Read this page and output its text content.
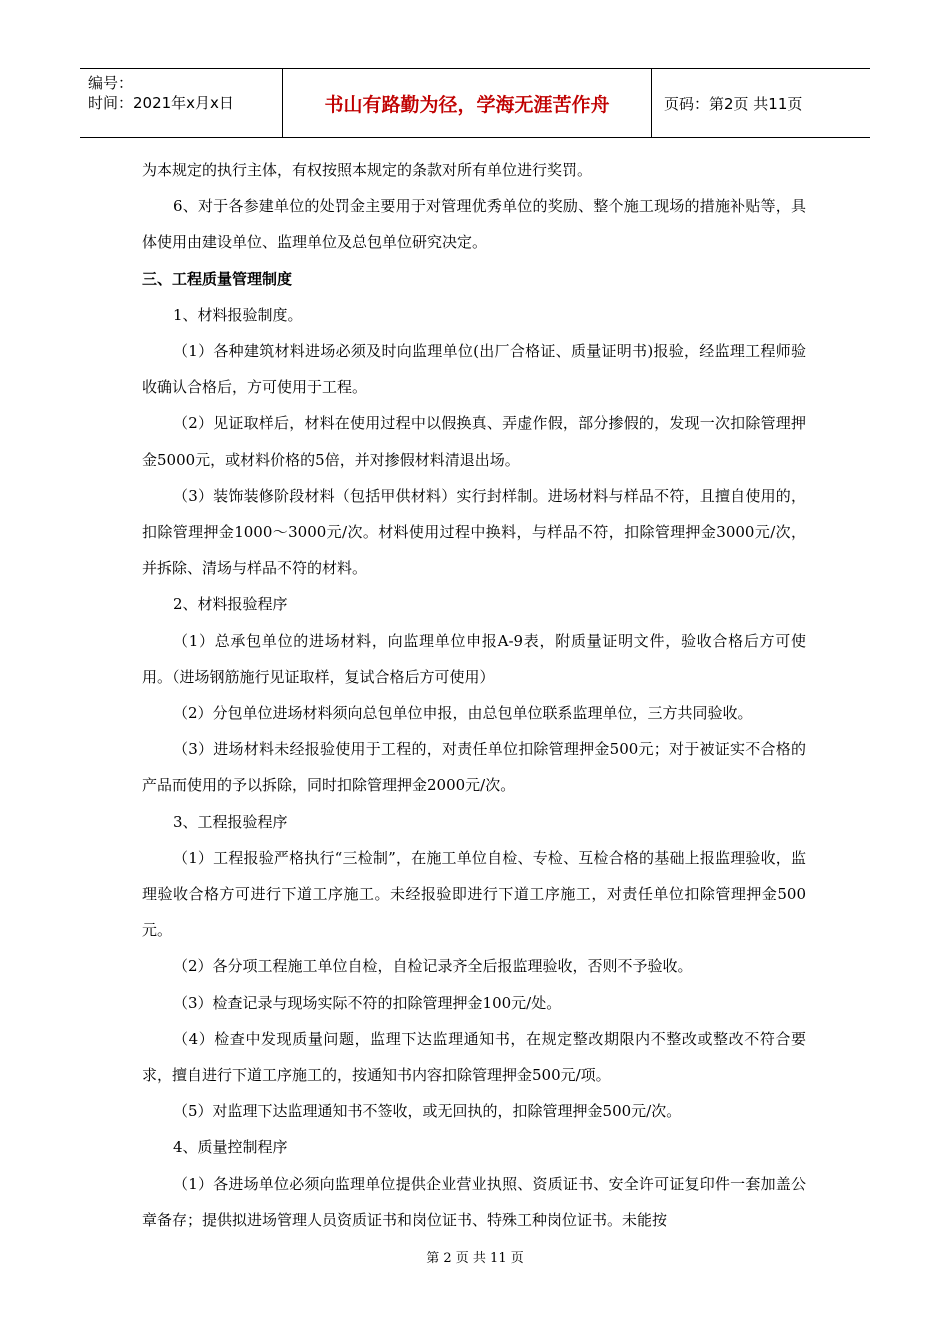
编号：
时间：2021年x月x日	书山有路勤为径，学海无涯苦作舟	页码：第2页 共11页

为本规定的执行主体，有权按照本规定的条款对所有单位进行奖罚。

6、对于各参建单位的处罚金主要用于对管理优秀单位的奖励、整个施工现场的措施补贴等，具体使用由建设单位、监理单位及总包单位研究决定。

三、工程质量管理制度

1、材料报验制度。

（1）各种建筑材料进场必须及时向监理单位(出厂合格证、质量证明书)报验，经监理工程师验收确认合格后，方可使用于工程。

（2）见证取样后，材料在使用过程中以假换真、弄虚作假，部分掺假的，发现一次扣除管理押金5000元，或材料价格的5倍，并对掺假材料清退出场。

（3）装饰装修阶段材料（包括甲供材料）实行封样制。进场材料与样品不符，且擅自使用的，扣除管理押金1000～3000元/次。材料使用过程中换料，与样品不符，扣除管理押金3000元/次，并拆除、清场与样品不符的材料。

2、材料报验程序

（1）总承包单位的进场材料，向监理单位申报A-9表，附质量证明文件，验收合格后方可使用。（进场钢筋施行见证取样，复试合格后方可使用）

（2）分包单位进场材料须向总包单位申报，由总包单位联系监理单位，三方共同验收。

（3）进场材料未经报验使用于工程的，对责任单位扣除管理押金500元；对于被证实不合格的产品而使用的予以拆除，同时扣除管理押金2000元/次。

3、工程报验程序

（1）工程报验严格执行“三检制”，在施工单位自检、专检、互检合格的基础上报监理验收，监理验收合格方可进行下道工序施工。未经报验即进行下道工序施工，对责任单位扣除管理押金500元。

（2）各分项工程施工单位自检，自检记录齐全后报监理验收，否则不予验收。

（3）检查记录与现场实际不符的扣除管理押金100元/处。

（4）检查中发现质量问题，监理下达监理通知书，在规定整改期限内不整改或整改不符合要求，擅自进行下道工序施工的，按通知书内容扣除管理押金500元/项。

（5）对监理下达监理通知书不签收，或无回执的，扣除管理押金500元/次。

4、质量控制程序

（1）各进场单位必须向监理单位提供企业营业执照、资质证书、安全许可证复印件一套加盖公章备存；提供拟进场管理人员资质证书和岗位证书、特殊工种岗位证书。未能按

第 2 页 共 11 页
